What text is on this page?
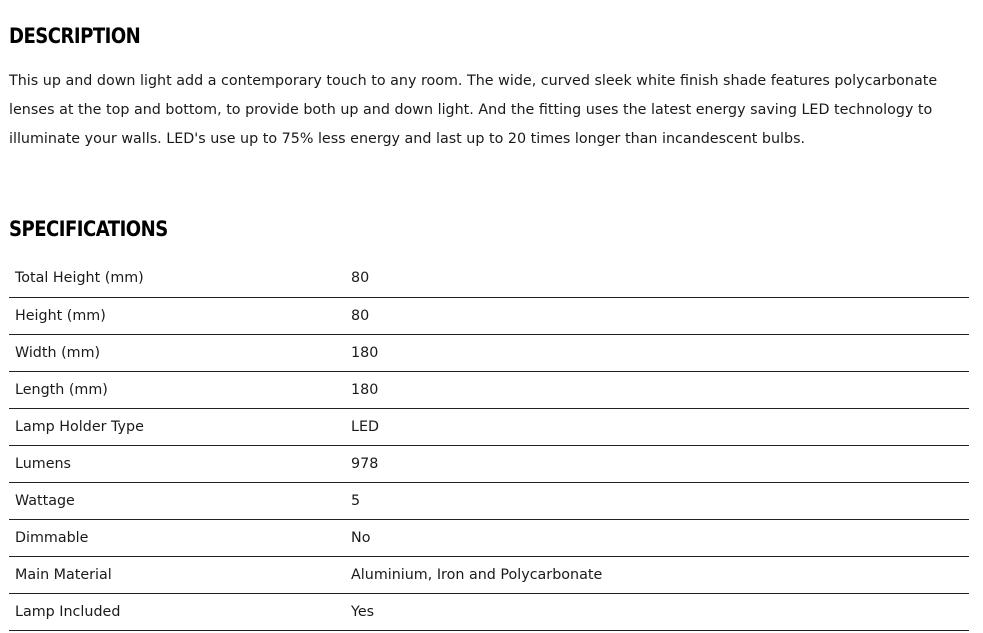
DESCRIPTION

This up and down light add a contemporary touch to any room. The wide, curved sleek white finish shade features polycarbonate lenses at the top and bottom, to provide both up and down light. And the fitting uses the latest energy saving LED technology to illuminate your walls. LED's use up to 75% less energy and last up to 20 times longer than incandescent bulbs.

SPECIFICATIONS
Total Height (mm)	80
Height (mm)	80
Width (mm)	180
Length (mm)	180
Lamp Holder Type	LED
Lumens	978
Wattage	5
Dimmable	No
Main Material	Aluminium, Iron and Polycarbonate
Lamp Included	Yes
